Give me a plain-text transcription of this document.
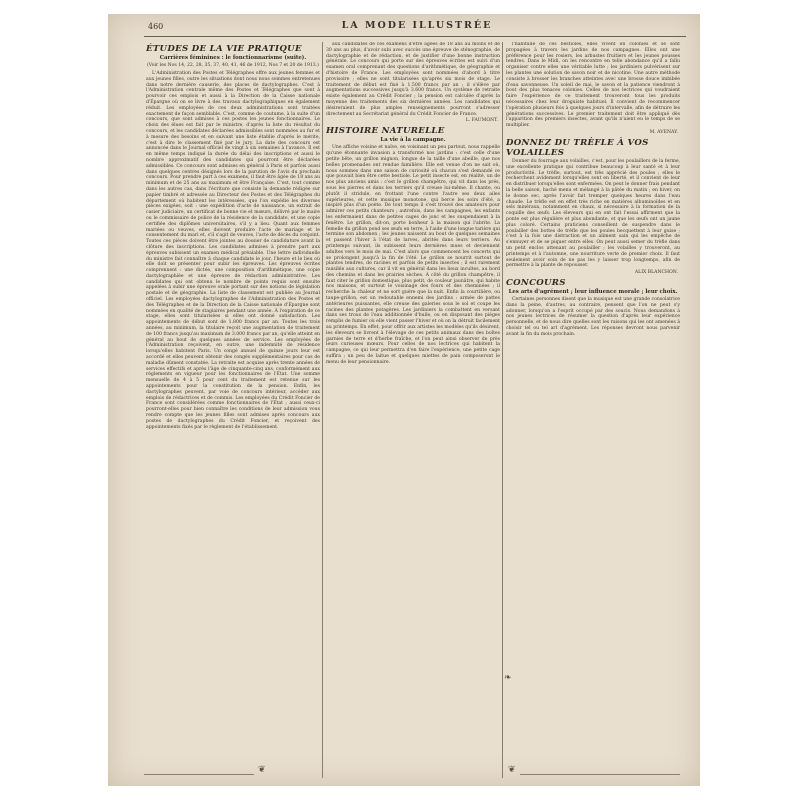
460	LA MODE ILLUSTRÉE
ÉTUDES DE LA VIE PRATIQUE
Carrières féminines : le fonctionnarisme (suite).
(Voir les Nos 14, 22, 28, 35, 37, 40, 41, 46 de 1912, Nos 7 et 20 de 1913.)

L'Administration des Postes et Télégraphes offre aux jeunes femmes et aux jeunes filles, outre les situations dont nous nous sommes entretenues dans notre dernière causerie, des places de dactylographes. C'est à l'Administration centrale même des Postes et Télégraphes que sont à pourvoir ces emplois et aussi à la Direction de la Caisse nationale d'Épargne où on se livre à des travaux dactylographiques en également réduit. Les employées de ces deux administrations sont traitées exactement de façon semblable. C'est, comme de coutume, à la suite d'un concours, que sont admises à ces postes les jeunes fonctionnaires. Le choix des élues est fait par le ministre, d'après la liste du résultat du concours, et les candidates déclarées admissibles sont nommées au fur et à mesure des besoins et en suivant une liste établie d'après le mérite, c'est à dire le classement fixé par le jury. La date des concours est annoncée dans le Journal officiel de vingt à six semaines à l'avance. Il est en même temps indiqué la durée du délai des inscriptions et aussi le nombre approximatif des candidates qui pourront être déclarées admissibles. Ce concours sont admises en général à Paris et parfois aussi dans quelques centres désignés lors de la parution de l'avis du prochain concours. Pour prendre part à ces examens, il faut être âgée de 18 ans au minimum et de 25 ans au maximum et être Française. C'est, tout comme dans les autres cas, dans l'écriture que consiste la demande rédigée sur papier timbré et adressée au Directeur des Postes et des Télégraphes du département où habitent les intéressées, que l'on expédie les diverses pièces exigées, soit : une expédition d'acte de naissance, un extrait de casier judiciaire, un certificat de bonne vie et mœurs, délivré par le maire ou le commissaire de police de la résidence de la candidate, et une copie certifiée des diplômes universitaires, s'il y a lieu. Quant aux femmes mariées ou veuves, elles doivent produire l'acte de mariage et le consentement du mari et, s'il s'agit de veuves, l'acte de décès du conjoint. Toutes ces pièces doivent être jointes au dossier de candidature avant la clôture des inscriptions. Les candidates admises à prendre part aux épreuves subissent un examen médical préalable. Une lettre individuelle du ministre fait connaître à chaque candidate le jour, l'heure et le lieu où elle doit se présenter pour subir les épreuves. Les épreuves écrites comprennent : une dictée, une composition d'arithmétique, une copie dactylographiée et une épreuve de rédaction administrative. Les candidates qui ont obtenu le nombre de points requis sont ensuite appelées à subir une épreuve orale portant sur des notions de législation postale et de géographie. La liste de classement est publiée au Journal officiel. Les employées dactylographes de l'Administration des Postes et des Télégraphes et de la Direction de la Caisse nationale d'Épargne sont nommées en qualité de stagiaires pendant une année. À l'expiration de ce stage, elles sont titularisées si elles ont donné satisfaction. Les appointements de début sont de 1.800 francs par an. Toutes les trois années, au minimum, la titulaire reçoit une augmentation de traitement de 100 francs jusqu'au maximum de 3.000 francs par an, qu'elle atteint en général au bout de quelques années de service. Les employées de l'Administration reçoivent, en outre, une indemnité de résidence lorsqu'elles habitent Paris. Un congé annuel de quinze jours leur est accordé et elles peuvent obtenir des congés supplémentaires pour cas de maladie dûment constatée. La retraite est acquise après trente années de services effectifs et après l'âge de cinquante-cinq ans, conformément aux règlements en vigueur pour les fonctionnaires de l'État. Une somme mensuelle de 4 à 5 pour cent du traitement est retenue sur les appointements pour la constitution de la pension. Enfin, les dactylographes peuvent, par voie de concours intérieur, accéder aux emplois de rédactrices et de commis. Les employées du Crédit Foncier de France sont considérées comme fonctionnaires de l'État ; aussi ceux-ci pourront-elles pour bien connaître les conditions de leur admission vous rendre compte que les jeunes filles sont admises après concours aux postes de dactylographes du Crédit Foncier, et reçoivent des appointements fixés par le règlement de l'établissement.

aux candidates de ces examens d'être âgées de 18 ans au moins et de 30 ans au plus, d'avoir subi avec succès une épreuve de sténographie, de dactylographie et de rédaction, et de justifier d'une bonne instruction générale. Le concours qui porte sur des épreuves écrites est suivi d'un examen oral comprenant des questions d'arithmétique, de géographie et d'histoire de France. Les employées sont nommées d'abord à titre provisoire ; elles ne sont titularisées qu'après six mois de stage. Le traitement de début est fixé à 1.500 francs par an ; il s'élève par augmentations successives jusqu'à 3.600 francs. Un système de retraite existe également au Crédit Foncier ; la pension est calculée d'après la moyenne des traitements des six dernières années. Les candidates qui désireraient de plus amples renseignements pourront s'adresser directement au Secrétariat général du Crédit Foncier de France.

L. FAUMONT.
HISTOIRE NATURELLE
La vie à la campagne.

Une affiche voisine et naïve, en voisinant un peu partout, nous rappelle qu'une étonnante invasion a transformé nos jardins : c'est celle d'une petite bête, un grillon mignon, longue de la taille d'une abeille, que nos belles promenades ont rendue familière. Elle est venue d'on ne sait où, nous sommes dans une saison de curiosité où chacun s'est demandé ce que pouvait bien être cette bestiole. Le petit insecte est, en réalité, un de nos plus anciens amis : c'est le grillon champêtre, qui vit dans les prés, sous les pierres et dans les terriers qu'il creuse lui-même. Il chante, ou plutôt il stridule, en frottant l'une contre l'autre ses deux ailes supérieures, et cette musique monotone, qui berce les soirs d'été, a inspiré plus d'un poète. De tout temps il s'est trouvé des amateurs pour admirer ces petits chanteurs ; autrefois, dans les campagnes, les enfants les enfermaient dans de petites cages de jonc et les suspendaient à la fenêtre. Le grillon, dit-on, porte bonheur à la maison qui l'abrite. La femelle du grillon pond ses œufs en terre, à l'aide d'une longue tarière qui termine son abdomen ; les jeunes naissent au bout de quelques semaines et passent l'hiver à l'état de larves, abrités dans leurs terriers. Au printemps suivant, ils subissent leurs dernières mues et deviennent adultes vers le mois de mai. C'est alors que commencent les concerts qui se prolongent jusqu'à la fin de l'été. Le grillon se nourrit surtout de plantes tendres, de racines et parfois de petits insectes ; il est rarement nuisible aux cultures, car il vit en général dans les lieux incultes, au bord des chemins et dans les prairies sèches. À côté du grillon champêtre, il faut citer le grillon domestique, plus petit, de couleur jaunâtre, qui habite nos maisons, et surtout le voisinage des fours et des cheminées ; il recherche la chaleur et ne sort guère que la nuit. Enfin la courtilière, ou taupe-grillon, est un redoutable ennemi des jardins : armée de pattes antérieures puissantes, elle creuse des galeries sous le sol et coupe les racines des plantes potagères. Les jardiniers la combattent en versant dans ses trous de l'eau additionnée d'huile, ou en disposant des pièges remplis de fumier où elle vient passer l'hiver et où on la détruit facilement au printemps. En effet, pour offrir aux artistes les modèles qu'ils désirent, les éleveurs se livrent à l'élevage de ces petits animaux dans des boîtes garnies de terre et d'herbe fraîche, et l'on peut ainsi observer de près leurs curieuses mœurs. Pour celles de nos lectrices qui habitent la campagne, ce qui leur permettra d'en faire l'expérience, une petite cage suffira ; un peu de laitue et quelques miettes de pain composeront le menu de leur pensionnaire.

l'habitude de ces bestioles, elles vivent en colonies et se sont propagées à travers les jardins de nos campagnes. Elles ont une préférence pour les rosiers, les arbustes fruitiers et les jeunes pousses tendres. Dans le Midi, on les rencontre en telle abondance qu'il a fallu organiser contre elles une véritable lutte ; les jardiniers pulvérisent sur les plantes une solution de savon noir et de nicotine. Une autre méthode consiste à brosser les branches atteintes avec une brosse douce imbibée d'eau savonneuse. Un soleil de mai, le savon et la patience viendront à bout des plus tenaces colonies. Celles de nos lectrices qui voudraient faire l'expérience de ce traitement trouveront tous les produits nécessaires chez leur droguiste habituel. Il convient de recommencer l'opération plusieurs fois à quelques jours d'intervalle, afin de détruire les générations successives. Le premier traitement doit être appliqué dès l'apparition des premiers insectes, avant qu'ils n'aient eu le temps de se multiplier.

M. AVENAY.
DONNEZ DU TRÈFLE À VOS VOLAILLES

Donner du fourrage aux volailles, c'est, pour les poulaillers de la ferme, une excellente pratique qui contribue beaucoup à leur santé et à leur productivité. Le trèfle, surtout, est très apprécié des poules ; elles le recherchent avidement lorsqu'elles sont en liberté, et il convient de leur en distribuer lorsqu'elles sont enfermées. On peut le donner frais pendant la belle saison, haché menu et mélangé à la pâtée du matin ; en hiver, on le donne sec, après l'avoir fait tremper quelques heures dans l'eau chaude. Le trèfle est en effet très riche en matières albuminoïdes et en sels minéraux, notamment en chaux, si nécessaire à la formation de la coquille des œufs. Les éleveurs qui en ont fait l'essai affirment que la ponte est plus régulière et plus abondante, et que les œufs ont un jaune plus coloré. Certains praticiens conseillent de suspendre dans le poulailler des bottes de trèfle que les poules becquettent à leur guise ; c'est à la fois une distraction et un aliment sain qui les empêche de s'ennuyer et de se piquer entre elles. On peut aussi semer du trèfle dans un petit enclos attenant au poulailler ; les volailles y trouveront, au printemps et à l'automne, une nourriture verte de premier choix. Il faut seulement avoir soin de ne pas les y laisser trop longtemps, afin de permettre à la plante de repousser.

ALIX BLANCHON.
CONCOURS
Les arts d'agrément ; leur influence morale ; leur choix.

Certaines personnes disent que la musique est une grande consolatrice dans la peine, d'autres, au contraire, pensent que l'on ne peut s'y adonner, lorsqu'on a l'esprit occupé par des soucis. Nous demandons à nos jeunes lectrices de résumer la question d'après leur expérience personnelle, et de nous dire quelles sont les raisons qui les ont amenées à choisir tel ou tel art d'agrément. Les réponses devront nous parvenir avant la fin du mois prochain.

❦	❦
❧
